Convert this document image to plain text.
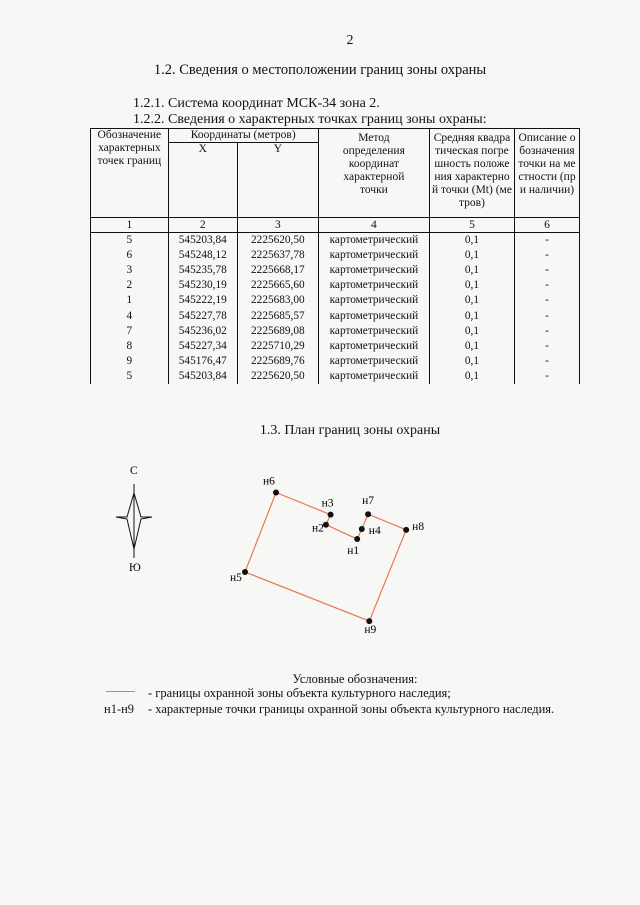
2
1.2. Сведения о местоположении границ зоны охраны
1.2.1. Система координат МСК-34 зона 2.
1.2.2. Сведения о характерных точках границ зоны охраны:
Обозначение характерных точек границ	Координаты (метров)		Метод определения координат характерной точки	Средняя квадратическая погрешность положения характерной точки (Mt) (метров)	Описание обозначения точки на местности (при наличии)

	X	Y			
1	2	3	4	5	6
5	545203,84	2225620,50	картометрический	0,1	-
6	545248,12	2225637,78	картометрический	0,1	-
3	545235,78	2225668,17	картометрический	0,1	-
2	545230,19	2225665,60	картометрический	0,1	-
1	545222,19	2225683,00	картометрический	0,1	-
4	545227,78	2225685,57	картометрический	0,1	-
7	545236,02	2225689,08	картометрический	0,1	-
8	545227,34	2225710,29	картометрический	0,1	-
9	545176,47	2225689,76	картометрический	0,1	-
5	545203,84	2225620,50	картометрический	0,1	-
1.3. План границ зоны охраны
С
Ю
н5
н6
н3
н2
н1
н4
н7
н8
н9
Условные обозначения:
- границы охранной зоны объекта культурного наследия;
н1-н9 - характерные точки границы охранной зоны объекта культурного наследия.
